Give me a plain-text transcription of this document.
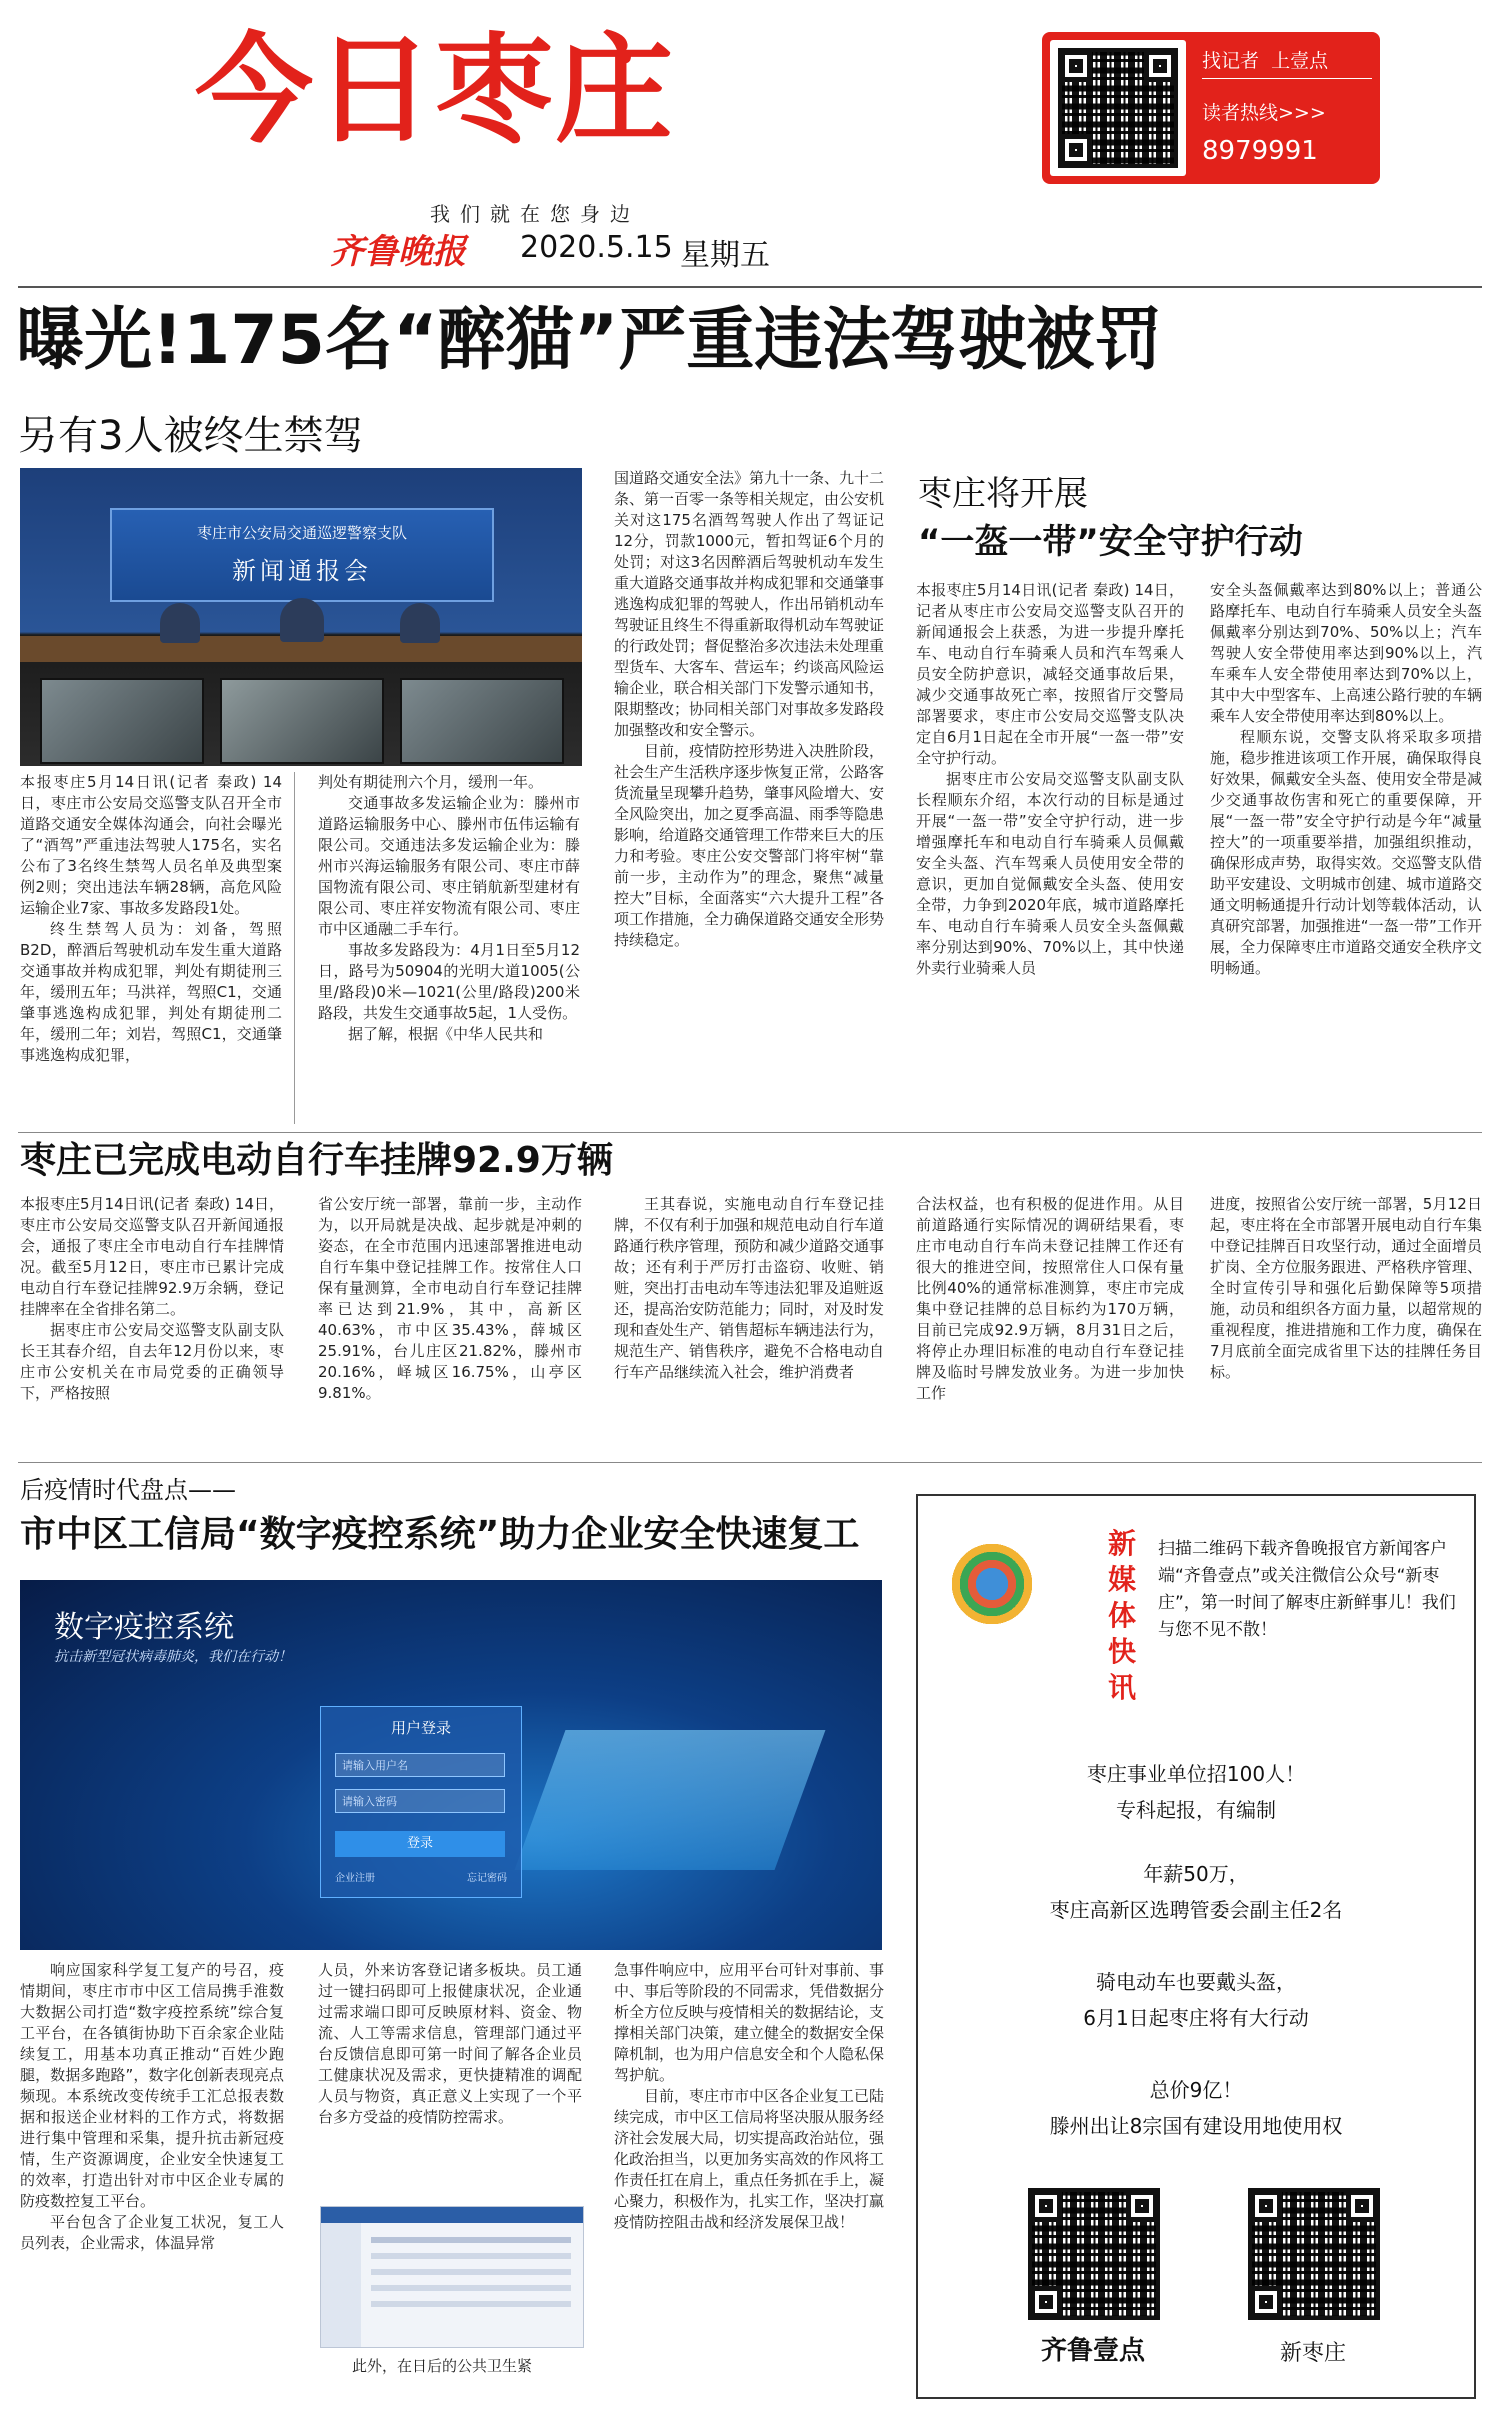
今日枣庄
我们就在您身边
齐鲁晚报 2020.5.15 星期五
找记者  上壹点
读者热线>>>
8979991
曝光!175名“醉猫”严重违法驾驶被罚
另有3人被终生禁驾
枣庄市公安局交通巡逻警察支队
新闻通报会

本报枣庄5月14日讯(记者 秦政) 14日，枣庄市公安局交巡警支队召开全市道路交通安全媒体沟通会，向社会曝光了“酒驾”严重违法驾驶人175名，实名公布了3名终生禁驾人员名单及典型案例2则；突出违法车辆28辆，高危风险运输企业7家、事故多发路段1处。

终生禁驾人员为：刘备，驾照B2D，醉酒后驾驶机动车发生重大道路交通事故并构成犯罪，判处有期徒刑三年，缓刑五年；马洪祥，驾照C1，交通肇事逃逸构成犯罪，判处有期徒刑二年，缓刑二年；刘岩，驾照C1，交通肇事逃逸构成犯罪，

判处有期徒刑六个月，缓刑一年。

交通事故多发运输企业为：滕州市道路运输服务中心、滕州市伍伟运输有限公司。交通违法多发运输企业为：滕州市兴海运输服务有限公司、枣庄市薛国物流有限公司、枣庄销航新型建材有限公司、枣庄祥安物流有限公司、枣庄市中区通融二手车行。

事故多发路段为：4月1日至5月12日，路号为50904的光明大道1005(公里/路段)0米—1021(公里/路段)200米路段，共发生交通事故5起，1人受伤。

据了解，根据《中华人民共和

国道路交通安全法》第九十一条、九十二条、第一百零一条等相关规定，由公安机关对这175名酒驾驾驶人作出了驾证记12分，罚款1000元，暂扣驾证6个月的处罚；对这3名因醉酒后驾驶机动车发生重大道路交通事故并构成犯罪和交通肇事逃逸构成犯罪的驾驶人，作出吊销机动车驾驶证且终生不得重新取得机动车驾驶证的行政处罚；督促整治多次违法未处理重型货车、大客车、营运车；约谈高风险运输企业，联合相关部门下发警示通知书，限期整改；协同相关部门对事故多发路段加强整改和安全警示。

目前，疫情防控形势进入决胜阶段，社会生产生活秩序逐步恢复正常，公路客货流量呈现攀升趋势，肇事风险增大、安全风险突出，加之夏季高温、雨季等隐患影响，给道路交通管理工作带来巨大的压力和考验。枣庄公安交警部门将牢树“靠前一步，主动作为”的理念，聚焦“减量控大”目标，全面落实“六大提升工程”各项工作措施，全力确保道路交通安全形势持续稳定。

枣庄将开展
“一盔一带”安全守护行动

本报枣庄5月14日讯(记者 秦政) 14日，记者从枣庄市公安局交巡警支队召开的新闻通报会上获悉，为进一步提升摩托车、电动自行车骑乘人员和汽车驾乘人员安全防护意识，减轻交通事故后果，减少交通事故死亡率，按照省厅交警局部署要求，枣庄市公安局交巡警支队决定自6月1日起在全市开展“一盔一带”安全守护行动。

据枣庄市公安局交巡警支队副支队长程顺东介绍，本次行动的目标是通过开展“一盔一带”安全守护行动，进一步增强摩托车和电动自行车骑乘人员佩戴安全头盔、汽车驾乘人员使用安全带的意识，更加自觉佩戴安全头盔、使用安全带，力争到2020年底，城市道路摩托车、电动自行车骑乘人员安全头盔佩戴率分别达到90%、70%以上，其中快递外卖行业骑乘人员

安全头盔佩戴率达到80%以上；普通公路摩托车、电动自行车骑乘人员安全头盔佩戴率分别达到70%、50%以上；汽车驾驶人安全带使用率达到90%以上，汽车乘车人安全带使用率达到70%以上，其中大中型客车、上高速公路行驶的车辆乘车人安全带使用率达到80%以上。

程顺东说，交警支队将采取多项措施，稳步推进该项工作开展，确保取得良好效果，佩戴安全头盔、使用安全带是减少交通事故伤害和死亡的重要保障，开展“一盔一带”安全守护行动是今年“减量控大”的一项重要举措，加强组织推动，确保形成声势，取得实效。交巡警支队借助平安建设、文明城市创建、城市道路交通文明畅通提升行动计划等载体活动，认真研究部署，加强推进“一盔一带”工作开展，全力保障枣庄市道路交通安全秩序文明畅通。

枣庄已完成电动自行车挂牌92.9万辆

本报枣庄5月14日讯(记者 秦政) 14日，枣庄市公安局交巡警支队召开新闻通报会，通报了枣庄全市电动自行车挂牌情况。截至5月12日，枣庄市已累计完成电动自行车登记挂牌92.9万余辆，登记挂牌率在全省排名第二。

据枣庄市公安局交巡警支队副支队长王其春介绍，自去年12月份以来，枣庄市公安机关在市局党委的正确领导下，严格按照

省公安厅统一部署，靠前一步，主动作为，以开局就是决战、起步就是冲刺的姿态，在全市范围内迅速部署推进电动自行车集中登记挂牌工作。按常住人口保有量测算，全市电动自行车登记挂牌率已达到21.9%，其中，高新区40.63%，市中区35.43%，薛城区25.91%，台儿庄区21.82%，滕州市20.16%，峄城区16.75%，山亭区9.81%。

王其春说，实施电动自行车登记挂牌，不仅有利于加强和规范电动自行车道路通行秩序管理，预防和减少道路交通事故；还有利于严厉打击盗窃、收赃、销赃，突出打击电动车等违法犯罪及追赃返还，提高治安防范能力；同时，对及时发现和查处生产、销售超标车辆违法行为，规范生产、销售秩序，避免不合格电动自行车产品继续流入社会，维护消费者

合法权益，也有积极的促进作用。从目前道路通行实际情况的调研结果看，枣庄市电动自行车尚未登记挂牌工作还有很大的推进空间，按照常住人口保有量比例40%的通常标准测算，枣庄市完成集中登记挂牌的总目标约为170万辆，目前已完成92.9万辆，8月31日之后，将停止办理旧标准的电动自行车登记挂牌及临时号牌发放业务。为进一步加快工作

进度，按照省公安厅统一部署，5月12日起，枣庄将在全市部署开展电动自行车集中登记挂牌百日攻坚行动，通过全面增员扩岗、全方位服务跟进、严格秩序管理、全时宣传引导和强化后勤保障等5项措施，动员和组织各方面力量，以超常规的重视程度，推进措施和工作力度，确保在7月底前全面完成省里下达的挂牌任务目标。

后疫情时代盘点——
市中区工信局“数字疫控系统”助力企业安全快速复工
数字疫控系统
抗击新型冠状病毒肺炎，我们在行动！
用户登录
请输入用户名
请输入密码
登录
企业注册	忘记密码

响应国家科学复工复产的号召，疫情期间，枣庄市市中区工信局携手淮数大数据公司打造“数字疫控系统”综合复工平台，在各镇街协助下百余家企业陆续复工，用基本功真正推动“百姓少跑腿，数据多跑路”，数字化创新表现亮点频现。本系统改变传统手工汇总报表数据和报送企业材料的工作方式，将数据进行集中管理和采集，提升抗击新冠疫情，生产资源调度，企业安全快速复工的效率，打造出针对市中区企业专属的防疫数控复工平台。

平台包含了企业复工状况，复工人员列表，企业需求，体温异常

人员，外来访客登记诸多板块。员工通过一键扫码即可上报健康状况，企业通过需求端口即可反映原材料、资金、物流、人工等需求信息，管理部门通过平台反馈信息即可第一时间了解各企业员工健康状况及需求，更快捷精准的调配人员与物资，真正意义上实现了一个平台多方受益的疫情防控需求。

此外，在日后的公共卫生紧

急事件响应中，应用平台可针对事前、事中、事后等阶段的不同需求，凭借数据分析全方位反映与疫情相关的数据结论，支撑相关部门决策，建立健全的数据安全保障机制，也为用户信息安全和个人隐私保驾护航。

目前，枣庄市市中区各企业复工已陆续完成，市中区工信局将坚决服从服务经济社会发展大局，切实提高政治站位，强化政治担当，以更加务实高效的作风将工作责任扛在肩上，重点任务抓在手上，凝心聚力，积极作为，扎实工作，坚决打赢疫情防控阻击战和经济发展保卫战！

新媒体快讯
扫描二维码下载齐鲁晚报官方新闻客户端“齐鲁壹点”或关注微信公众号“新枣庄”，第一时间了解枣庄新鲜事儿！我们与您不见不散！
枣庄事业单位招100人！
专科起报，有编制
年薪50万，
枣庄高新区选聘管委会副主任2名
骑电动车也要戴头盔，
6月1日起枣庄将有大行动
总价9亿！
滕州出让8宗国有建设用地使用权
齐鲁壹点	新枣庄
